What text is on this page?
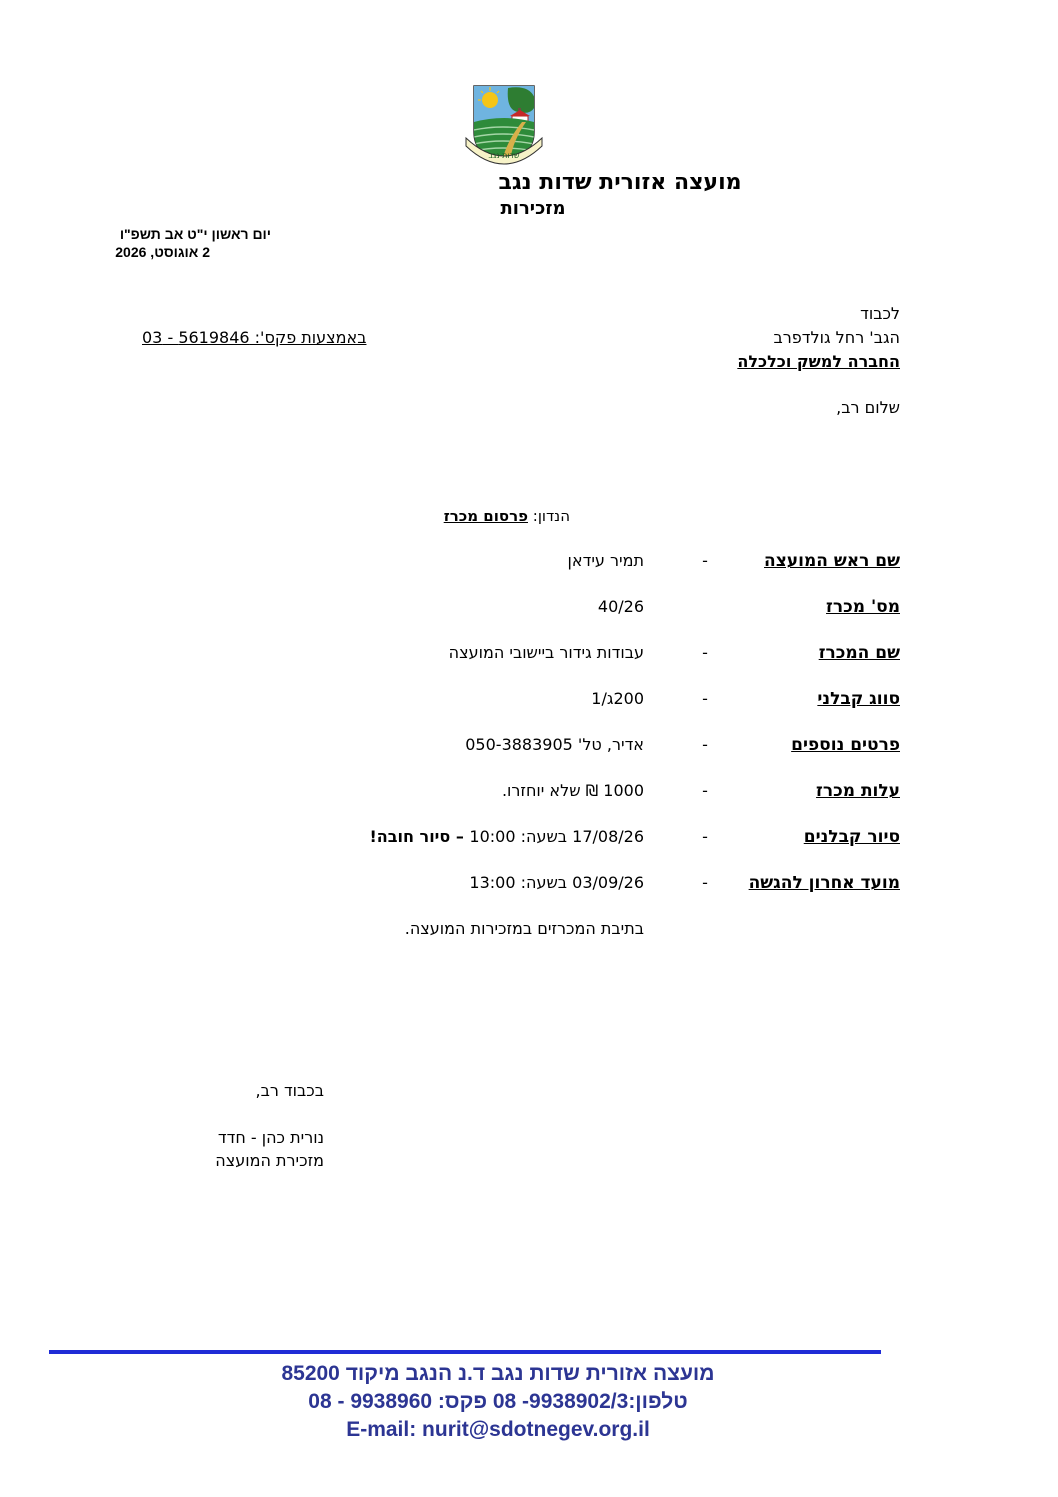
שדות נגב
מועצה אזורית שדות נגב
מזכירות
יום ראשון י"ט אב תשפ"ו
2 אוגוסט, 2026
לכבוד
הגב' רחל גולדפרב
החברה למשק וכלכלה
באמצעות פקס': 5619846 - 03
שלום רב,
הנדון: פרסום מכרז
שם ראש המועצה
-
תמיר עידאן
מס' מכרז
40/26
שם המכרז
-
עבודות גידור ביישובי המועצה
סווג קבלני
-
200ג/1
פרטים נוספים
-
אדיר, טל' 050-3883905
עלות מכרז
-
1000 ₪ שלא יוחזרו.
סיור קבלנים
-
17/08/26 בשעה: 10:00 – סיור חובה!
מועד אחרון להגשה
-
03/09/26 בשעה: 13:00
בתיבת המכרזים במזכירות המועצה.
בכבוד רב,
נורית כהן - חדד
מזכירת המועצה
מועצה אזורית שדות נגב ד.נ הנגב מיקוד 85200
טלפון:9938902/3- 08 פקס: 9938960 - 08
E-mail: nurit@sdotnegev.org.il
